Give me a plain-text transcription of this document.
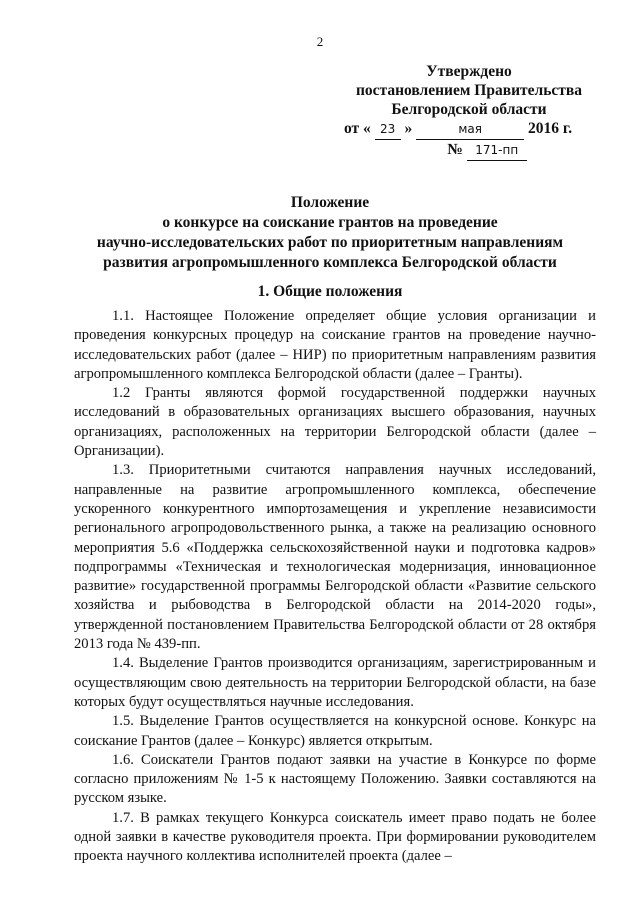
2
Утверждено
постановлением Правительства
Белгородской области
от « 23 »	мая	2016 г.
№ 171-пп
Положение
о конкурсе на соискание грантов на проведение
научно-исследовательских работ по приоритетным направлениям
развития агропромышленного комплекса Белгородской области
1. Общие положения

1.1. Настоящее Положение определяет общие условия организации и проведения конкурсных процедур на соискание грантов на проведение научно-исследовательских работ (далее – НИР) по приоритетным направлениям развития агропромышленного комплекса Белгородской области (далее – Гранты).

1.2 Гранты являются формой государственной поддержки научных исследований в образовательных организациях высшего образования, научных организациях, расположенных на территории Белгородской области (далее – Организации).

1.3. Приоритетными считаются направления научных исследований, направленные на развитие агропромышленного комплекса, обеспечение ускоренного конкурентного импортозамещения и укрепление независимости регионального агропродовольственного рынка, а также на реализацию основного мероприятия 5.6 «Поддержка сельскохозяйственной науки и подготовка кадров» подпрограммы «Техническая и технологическая модернизация, инновационное развитие» государственной программы Белгородской области «Развитие сельского хозяйства и рыбоводства в Белгородской области на 2014-2020 годы», утвержденной постановлением Правительства Белгородской области от 28 октября 2013 года № 439-пп.

1.4. Выделение Грантов производится организациям, зарегистрированным и осуществляющим свою деятельность на территории Белгородской области, на базе которых будут осуществляться научные исследования.

1.5. Выделение Грантов осуществляется на конкурсной основе. Конкурс на соискание Грантов (далее – Конкурс) является открытым.

1.6. Соискатели Грантов подают заявки на участие в Конкурсе по форме согласно приложениям № 1-5 к настоящему Положению. Заявки составляются на русском языке.

1.7. В рамках текущего Конкурса соискатель имеет право подать не более одной заявки в качестве руководителя проекта. При формировании руководителем проекта научного коллектива исполнителей проекта (далее –
